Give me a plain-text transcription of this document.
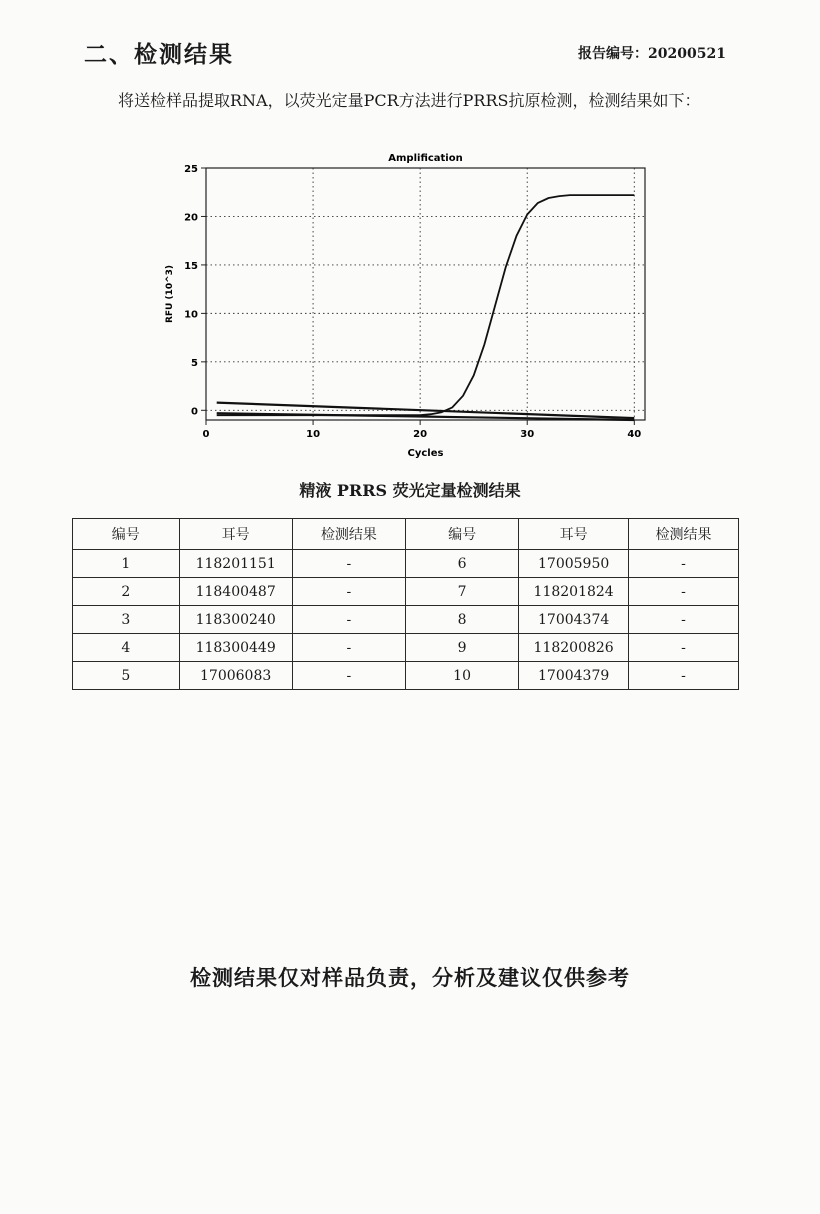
二、检测结果	报告编号：20200521
将送检样品提取RNA，以荧光定量PCR方法进行PRRS抗原检测，检测结果如下：
Amplification
0
5
10
15
20
25
0	10	20	30	40
Cycles
RFU (10^3)
精液 PRRS 荧光定量检测结果
编号	耳号	检测结果	编号	耳号	检测结果
1	118201151	-	6	17005950	-
2	118400487	-	7	118201824	-
3	118300240	-	8	17004374	-
4	118300449	-	9	118200826	-
5	17006083	-	10	17004379	-
检测结果仅对样品负责，分析及建议仅供参考
